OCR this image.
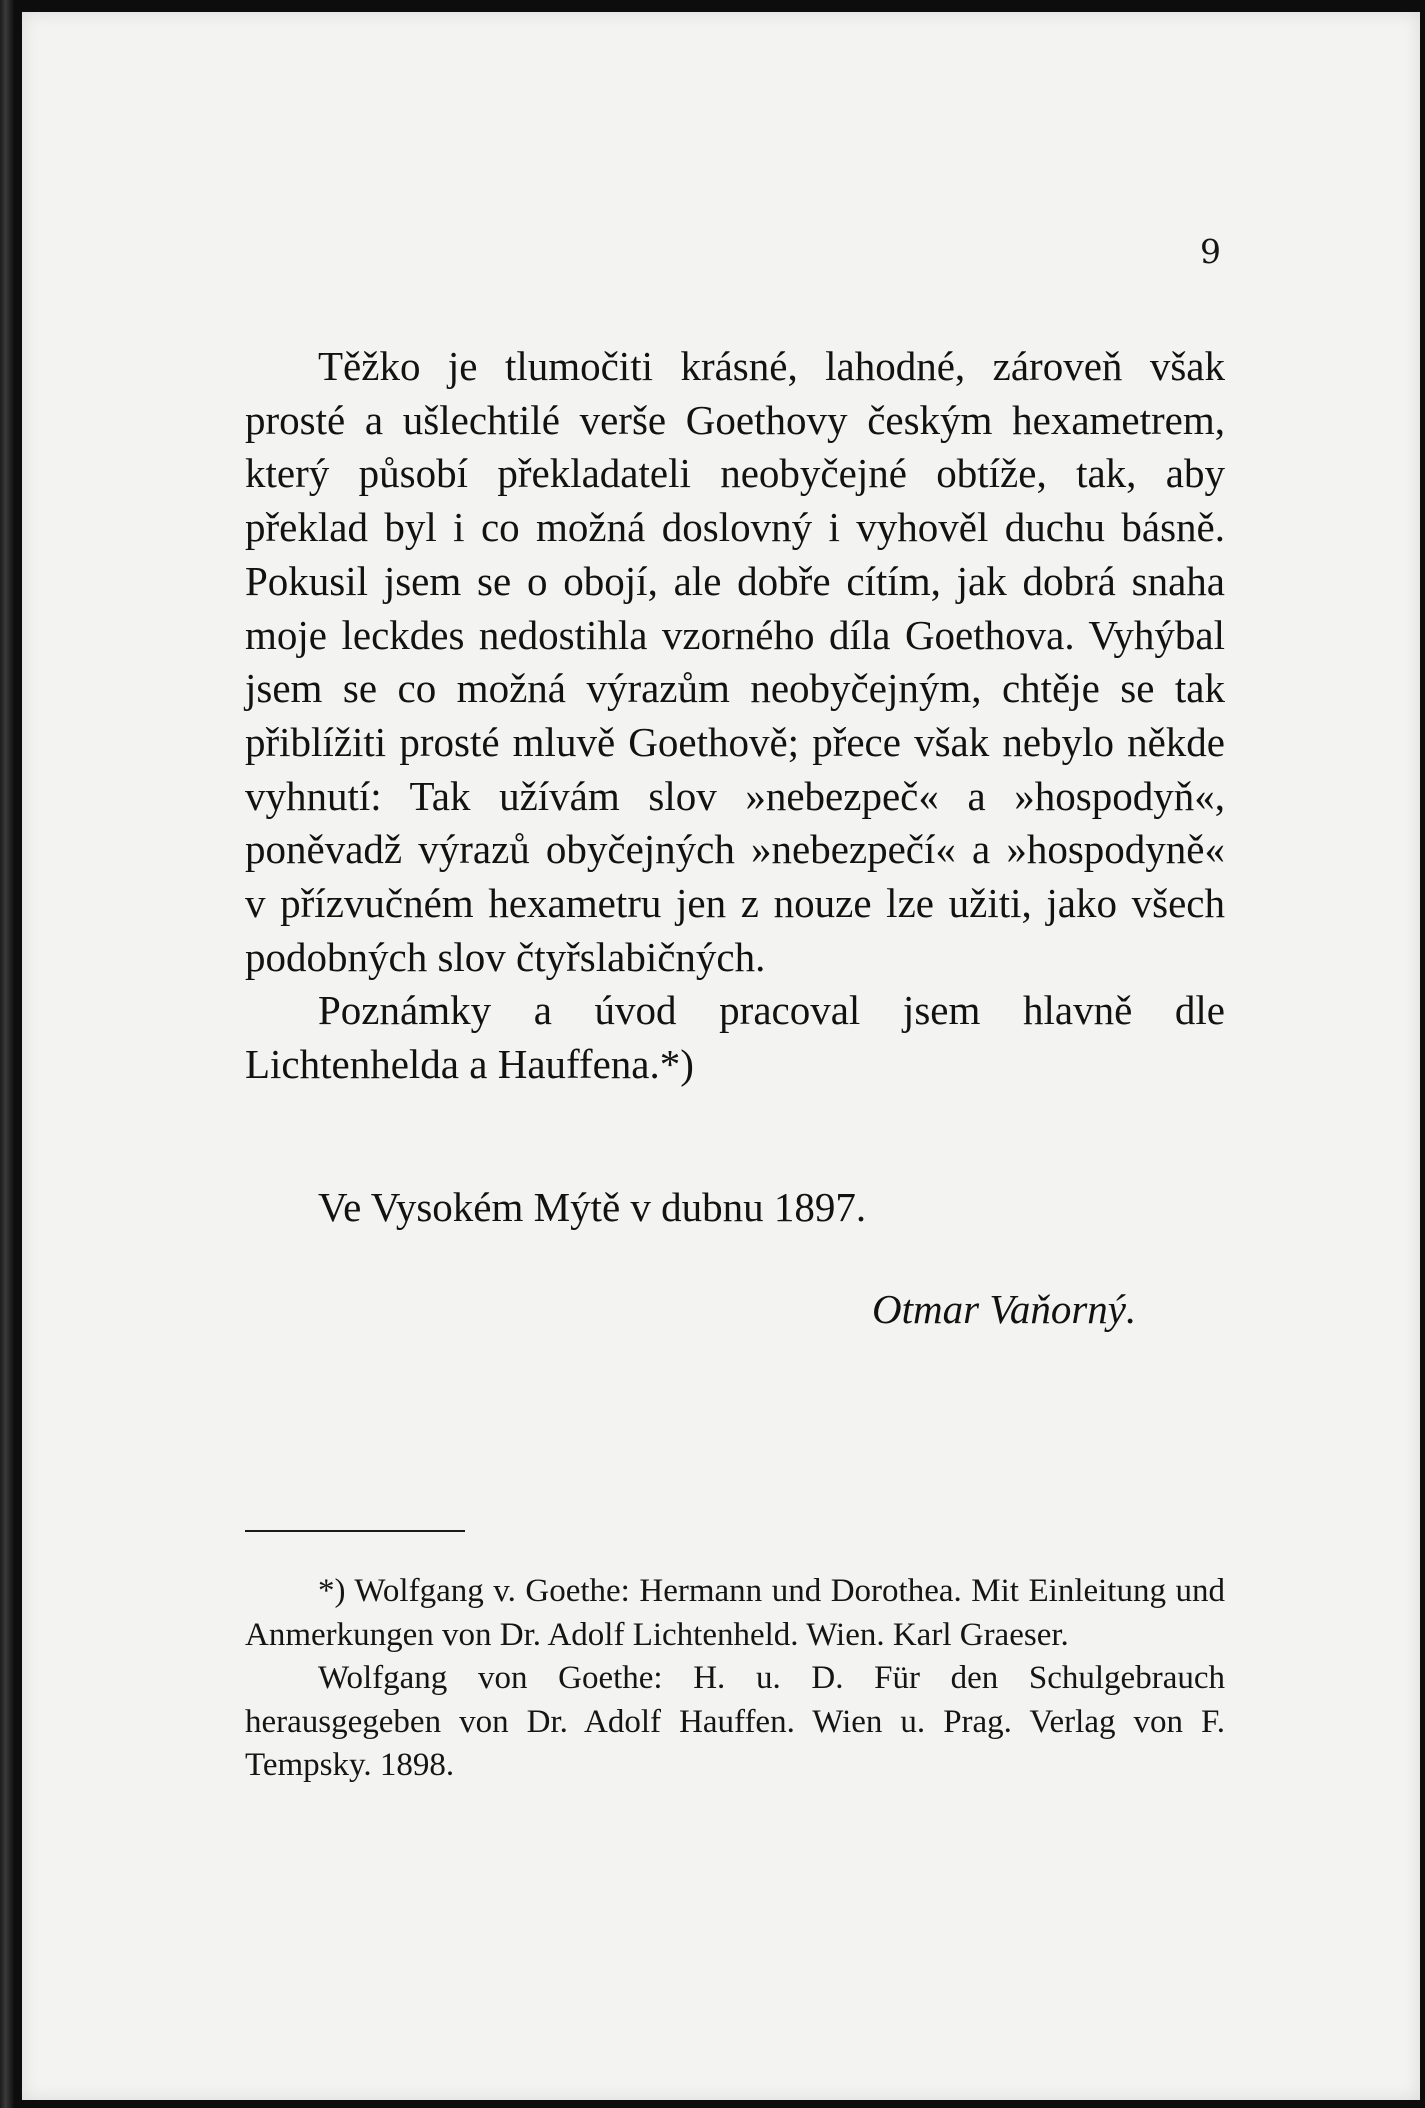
9

Těžko je tlumočiti krásné, lahodné, zároveň však prosté a ušlechtilé verše Goethovy českým hexametrem, který působí překladateli neobyčejné obtíže, tak, aby překlad byl i co možná doslovný i vyhověl duchu básně. Pokusil jsem se o obojí, ale dobře cítím, jak dobrá snaha moje leckdes nedostihla vzorného díla Goethova. Vyhýbal jsem se co možná výrazům neobyčejným, chtěje se tak přiblížiti prosté mluvě Goethově; přece však nebylo někde vyhnutí: Tak užívám slov »nebezpeč« a »hospodyň«, poněvadž výrazů obyčejných »nebezpečí« a »hospodyně« v přízvučném hexametru jen z nouze lze užiti, jako všech podobných slov čtyřslabičných.

Poznámky a úvod pracoval jsem hlavně dle Lichtenhelda a Hauffena.*)

Ve Vysokém Mýtě v dubnu 1897.
Otmar Vaňorný.

*) Wolfgang v. Goethe: Hermann und Dorothea. Mit Einleitung und Anmerkungen von Dr. Adolf Lichtenheld. Wien. Karl Graeser.

Wolfgang von Goethe: H. u. D. Für den Schulgebrauch herausgegeben von Dr. Adolf Hauffen. Wien u. Prag. Verlag von F. Tempsky. 1898.
